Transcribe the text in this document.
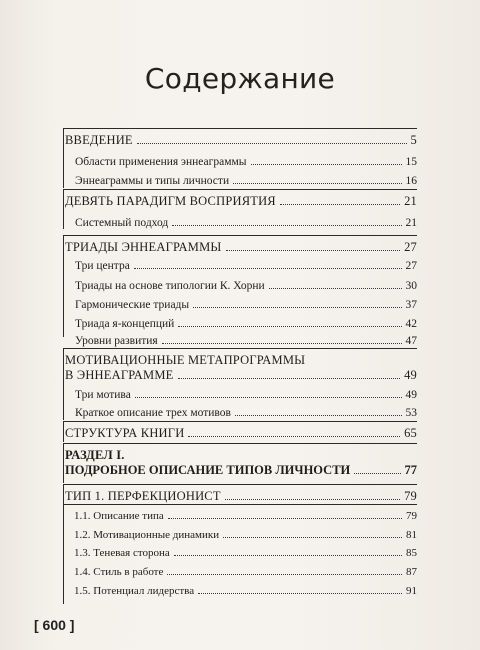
Содержание
ВВЕДЕНИЕ	5
Области применения эннеаграммы	15
Эннеаграммы и типы личности	16
ДЕВЯТЬ ПАРАДИГМ ВОСПРИЯТИЯ	21
Системный подход	21
ТРИАДЫ ЭННЕАГРАММЫ	27
Три центра	27
Триады на основе типологии К. Хорни	30
Гармонические триады	37
Триада я-концепций	42
Уровни развития	47
МОТИВАЦИОННЫЕ МЕТАПРОГРАММЫ
В ЭННЕАГРАММЕ	49
Три мотива	49
Краткое описание трех мотивов	53
СТРУКТУРА КНИГИ	65
РАЗДЕЛ I.
ПОДРОБНОЕ ОПИСАНИЕ ТИПОВ ЛИЧНОСТИ	77
ТИП 1. ПЕРФЕКЦИОНИСТ	79
1.1. Описание типа	79
1.2. Мотивационные динамики	81
1.3. Теневая сторона	85
1.4. Стиль в работе	87
1.5. Потенциал лидерства	91
[ 600 ]
